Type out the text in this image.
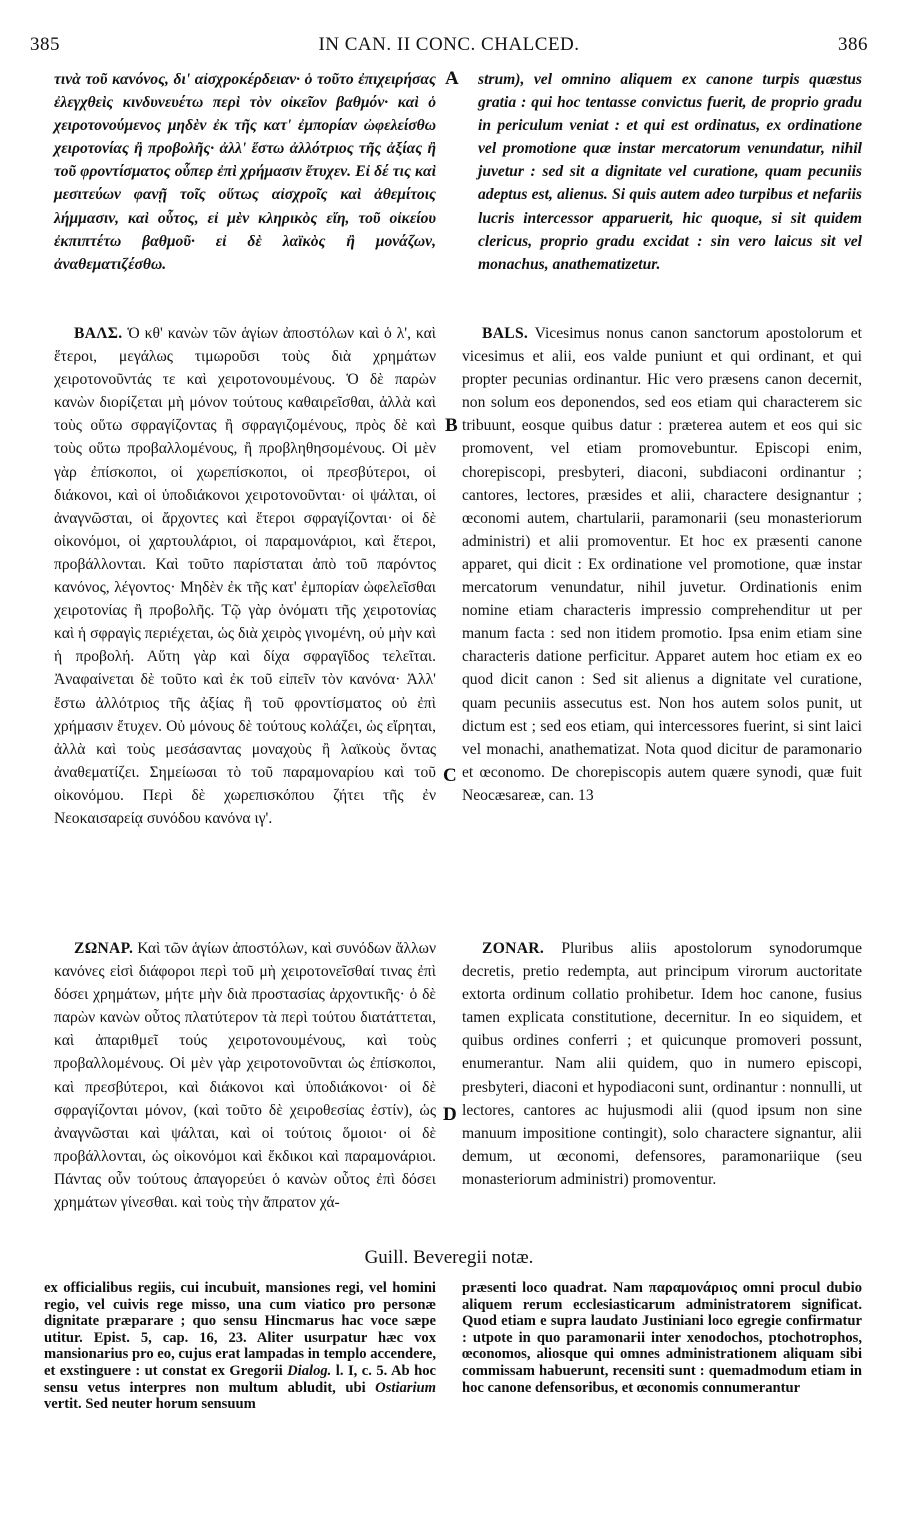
385	IN CAN. II CONC. CHALCED.	386

τινὰ τοῦ κανόνος, δι' αἰσχροκέρδειαν· ὁ τοῦτο ἐπιχειρήσας ἐλεγχθεὶς κινδυνευέτω περὶ τὸν οἰκεῖον βαθμόν· καὶ ὁ χειροτονούμενος μηδὲν ἐκ τῆς κατ' ἐμπορίαν ὠφελείσθω χειροτονίας ἢ προβολῆς· ἀλλ' ἔστω ἀλλότριος τῆς ἀξίας ἢ τοῦ φροντίσματος οὗπερ ἐπὶ χρήμασιν ἔτυχεν. Εἰ δέ τις καὶ μεσιτεύων φανῇ τοῖς οὕτως αἰσχροῖς καὶ ἀθεμίτοις λήμμασιν, καὶ οὗτος, εἰ μὲν κληρικὸς εἴη, τοῦ οἰκείου ἐκπιπτέτω βαθμοῦ· εἰ δὲ λαϊκὸς ἢ μονάζων, ἀναθεματιζέσθω.

strum), vel omnino aliquem ex canone turpis quæstus gratia : qui hoc tentasse convictus fuerit, de proprio gradu in periculum veniat : et qui est ordinatus, ex ordinatione vel promotione quæ instar mercatorum venundatur, nihil juvetur : sed sit a dignitate vel curatione, quam pecuniis adeptus est, alienus. Si quis autem adeo turpibus et nefariis lucris intercessor apparuerit, hic quoque, si sit quidem clericus, proprio gradu excidat : sin vero laicus sit vel monachus, anathematizetur.

ΒΑΛΣ. Ὁ κθ' κανὼν τῶν ἁγίων ἀποστόλων καὶ ὁ λ', καὶ ἕτεροι, μεγάλως τιμωροῦσι τοὺς διὰ χρημάτων χειροτονοῦντάς τε καὶ χειροτονουμένους. Ὁ δὲ παρὼν κανὼν διορίζεται μὴ μόνον τούτους καθαιρεῖσθαι, ἀλλὰ καὶ τοὺς οὕτω σφραγίζοντας ἢ σφραγιζομένους, πρὸς δὲ καὶ τοὺς οὕτω προβαλλομένους, ἢ προβληθησομένους. Οἱ μὲν γὰρ ἐπίσκοποι, οἱ χωρεπίσκοποι, οἱ πρεσβύτεροι, οἱ διάκονοι, καὶ οἱ ὑποδιάκονοι χειροτονοῦνται· οἱ ψάλται, οἱ ἀναγνῶσται, οἱ ἄρχοντες καὶ ἕτεροι σφραγίζονται· οἱ δὲ οἰκονόμοι, οἱ χαρτουλάριοι, οἱ παραμονάριοι, καὶ ἕτεροι, προβάλλονται. Καὶ τοῦτο παρίσταται ἀπὸ τοῦ παρόντος κανόνος, λέγοντος· Μηδὲν ἐκ τῆς κατ' ἐμπορίαν ὠφελεῖσθαι χειροτονίας ἢ προβολῆς. Τῷ γὰρ ὀνόματι τῆς χειροτονίας καὶ ἡ σφραγὶς περιέχεται, ὡς διὰ χειρὸς γινομένη, οὐ μὴν καὶ ἡ προβολή. Αὕτη γὰρ καὶ δίχα σφραγῖδος τελεῖται. Ἀναφαίνεται δὲ τοῦτο καὶ ἐκ τοῦ εἰπεῖν τὸν κανόνα· Ἀλλ' ἔστω ἀλλότριος τῆς ἀξίας ἢ τοῦ φροντίσματος οὐ ἐπὶ χρήμασιν ἔτυχεν. Οὐ μόνους δὲ τούτους κολάζει, ὡς εἴρηται, ἀλλὰ καὶ τοὺς μεσάσαντας μοναχοὺς ἢ λαϊκοὺς ὄντας ἀναθεματίζει. Σημείωσαι τὸ τοῦ παραμοναρίου καὶ τοῦ οἰκονόμου. Περὶ δὲ χωρεπισκόπου ζήτει τῆς ἐν Νεοκαισαρείᾳ συνόδου κανόνα ιγ'.

BALS. Vicesimus nonus canon sanctorum apostolorum et vicesimus et alii, eos valde puniunt et qui ordinant, et qui propter pecunias ordinantur. Hic vero præsens canon decernit, non solum eos deponendos, sed eos etiam qui characterem sic tribuunt, eosque quibus datur : præterea autem et eos qui sic promovent, vel etiam promovebuntur. Episcopi enim, chorepiscopi, presbyteri, diaconi, subdiaconi ordinantur ; cantores, lectores, præsides et alii, charactere designantur ; œconomi autem, chartularii, paramonarii (seu monasteriorum administri) et alii promoventur. Et hoc ex præsenti canone apparet, qui dicit : Ex ordinatione vel promotione, quæ instar mercatorum venundatur, nihil juvetur. Ordinationis enim nomine etiam characteris impressio comprehenditur ut per manum facta : sed non itidem promotio. Ipsa enim etiam sine characteris datione perficitur. Apparet autem hoc etiam ex eo quod dicit canon : Sed sit alienus a dignitate vel curatione, quam pecuniis assecutus est. Non hos autem solos punit, ut dictum est ; sed eos etiam, qui intercessores fuerint, si sint laici vel monachi, anathematizat. Nota quod dicitur de paramonario et œconomo. De chorepiscopis autem quære synodi, quæ fuit Neocæsareæ, can. 13

ΖΩΝΑΡ. Καὶ τῶν ἁγίων ἀποστόλων, καὶ συνόδων ἄλλων κανόνες εἰσὶ διάφοροι περὶ τοῦ μὴ χειροτονεῖσθαί τινας ἐπὶ δόσει χρημάτων, μήτε μὴν διὰ προστασίας ἀρχοντικῆς· ὁ δὲ παρὼν κανὼν οὗτος πλατύτερον τὰ περὶ τούτου διατάττεται, καὶ ἀπαριθμεῖ τούς χειροτονουμένους, καὶ τοὺς προβαλλομένους. Οἱ μὲν γὰρ χειροτονοῦνται ὡς ἐπίσκοποι, καὶ πρεσβύτεροι, καὶ διάκονοι καὶ ὑποδιάκονοι· οἱ δὲ σφραγίζονται μόνον, (καὶ τοῦτο δὲ χειροθεσίας ἐστίν), ὡς ἀναγνῶσται καὶ ψάλται, καὶ οἱ τούτοις ὅμοιοι· οἱ δὲ προβάλλονται, ὡς οἰκονόμοι καὶ ἔκδικοι καὶ παραμονάριοι. Πάντας οὖν τούτους ἀπαγορεύει ὁ κανὼν οὗτος ἐπὶ δόσει χρημάτων γίνεσθαι. καὶ τοὺς τὴν ἄπρατον χά-

ZONAR. Pluribus aliis apostolorum synodorumque decretis, pretio redempta, aut principum virorum auctoritate extorta ordinum collatio prohibetur. Idem hoc canone, fusius tamen explicata constitutione, decernitur. In eo siquidem, et quibus ordines conferri ; et quicunque promoveri possunt, enumerantur. Nam alii quidem, quo in numero episcopi, presbyteri, diaconi et hypodiaconi sunt, ordinantur : nonnulli, ut lectores, cantores ac hujusmodi alii (quod ipsum non sine manuum impositione contingit), solo charactere signantur, alii demum, ut œconomi, defensores, paramonariique (seu monasteriorum administri) promoventur.

A
B
C
D
Guill. Beveregii notæ.

ex officialibus regiis, cui incubuit, mansiones regi, vel homini regio, vel cuivis rege misso, una cum viatico pro personæ dignitate præparare ; quo sensu Hincmarus hac voce sæpe utitur. Epist. 5, cap. 16, 23. Aliter usurpatur hæc vox mansionarius pro eo, cujus erat lampadas in templo accendere, et exstinguere : ut constat ex Gregorii Dialog. l. I, c. 5. Ab hoc sensu vetus interpres non multum abludit, ubi Ostiarium vertit. Sed neuter horum sensuum

præsenti loco quadrat. Nam παραμονάριος omni procul dubio aliquem rerum ecclesiasticarum administratorem significat. Quod etiam e supra laudato Justiniani loco egregie confirmatur : utpote in quo paramonarii inter xenodochos, ptochotrophos, œconomos, aliosque qui omnes administrationem aliquam sibi commissam habuerunt, recensiti sunt : quemadmodum etiam in hoc canone defensoribus, et œconomis connumerantur
